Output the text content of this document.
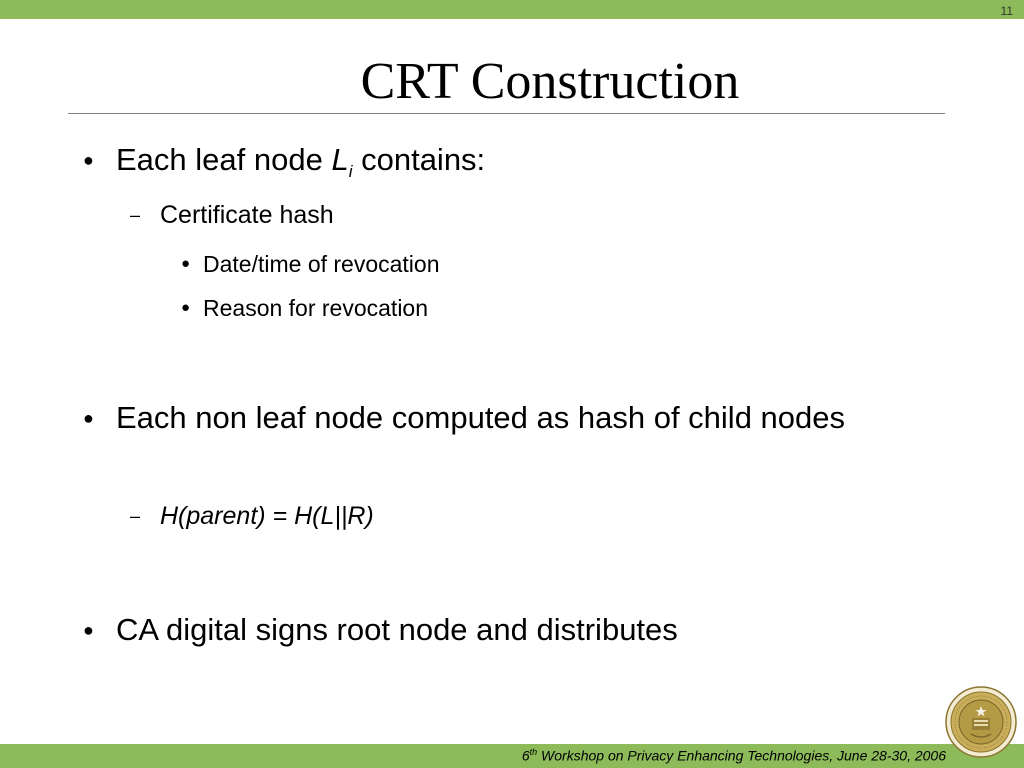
11
CRT Construction
● Each leaf node $L_i$ contains:
– Certificate hash
● Date/time of revocation
● Reason for revocation
● Each non leaf node computed as hash of child nodes
– H(parent) = H(L||R)
● CA digital signs root node and distributes
6th Workshop on Privacy Enhancing Technologies, June 28-30, 2006
